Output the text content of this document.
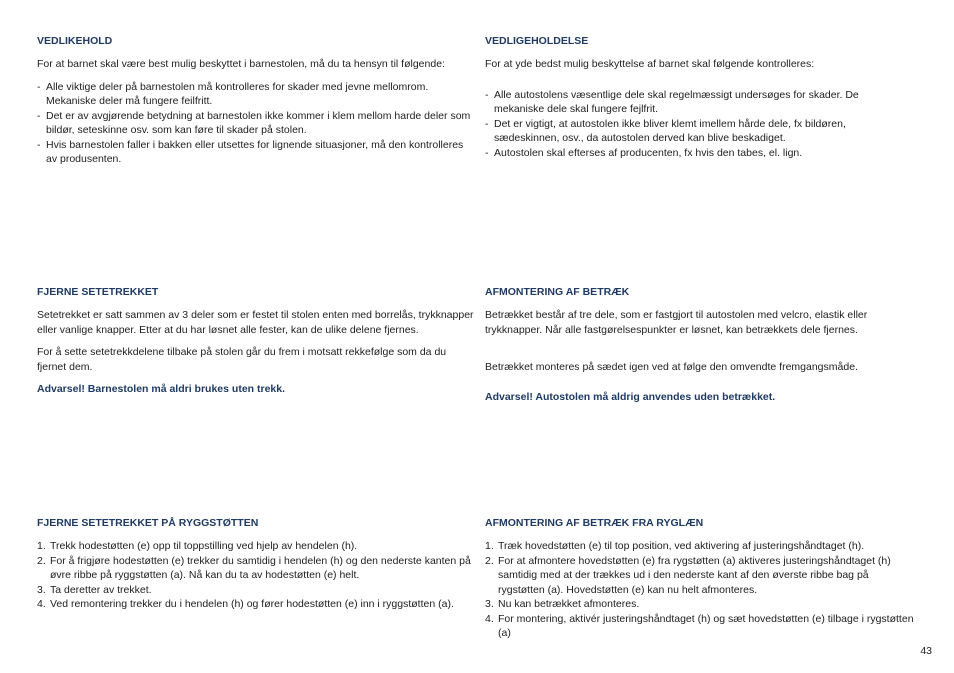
VEDLIKEHOLD

For at barnet skal være best mulig beskyttet i barnestolen, må du ta hensyn til følgende:

- Alle viktige deler på barnestolen må kontrolleres for skader med jevne mellomrom. Mekaniske deler må fungere feilfritt.
- Det er av avgjørende betydning at barnestolen ikke kommer i klem mellom harde deler som bildør, seteskinne osv. som kan føre til skader på stolen.
- Hvis barnestolen faller i bakken eller utsettes for lignende situasjoner, må den kontrolleres av produsenten.
FJERNE SETETREKKET

Setetrekket er satt sammen av 3 deler som er festet til stolen enten med borrelås, trykknapper eller vanlige knapper. Etter at du har løsnet alle fester, kan de ulike delene fjernes.

For å sette setetrekkdelene tilbake på stolen går du frem i motsatt rekkefølge som da du fjernet dem.

Advarsel! Barnestolen må aldri brukes uten trekk.

FJERNE SETETREKKET PÅ RYGGSTØTTEN
1. Trekk hodestøtten (e) opp til toppstilling ved hjelp av hendelen (h).
2. For å frigjøre hodestøtten (e) trekker du samtidig i hendelen (h) og den nederste kanten på øvre ribbe på ryggstøtten (a). Nå kan du ta av hodestøtten (e) helt.
3. Ta deretter av trekket.
4. Ved remontering trekker du i hendelen (h) og fører hodestøtten (e) inn i ryggstøtten (a).
VEDLIGEHOLDELSE

For at yde bedst mulig beskyttelse af barnet skal følgende kontrolleres:

- Alle autostolens væsentlige dele skal regelmæssigt undersøges for skader. De mekaniske dele skal fungere fejlfrit.
- Det er vigtigt, at autostolen ikke bliver klemt imellem hårde dele, fx bildøren, sædeskinnen, osv., da autostolen derved kan blive beskadiget.
- Autostolen skal efterses af producenten, fx hvis den tabes, el. lign.
AFMONTERING AF BETRÆK

Betrækket består af tre dele, som er fastgjort til autostolen med velcro, elastik eller trykknapper. Når alle fastgørelsespunkter er løsnet, kan betrækkets dele fjernes.

Betrækket monteres på sædet igen ved at følge den omvendte fremgangsmåde.

Advarsel! Autostolen må aldrig anvendes uden betrækket.

AFMONTERING AF BETRÆK FRA RYGLÆN
1. Træk hovedstøtten (e) til top position, ved aktivering af justeringshåndtaget (h).
2. For at afmontere hovedstøtten (e) fra rygstøtten (a) aktiveres justeringshåndtaget (h) samtidig med at der trækkes ud i den nederste kant af den øverste ribbe bag på rygstøtten (a). Hovedstøtten (e) kan nu helt afmonteres.
3. Nu kan betrækket afmonteres.
4. For montering, aktivér justeringshåndtaget (h) og sæt hovedstøtten (e) tilbage i rygstøtten (a)
43
